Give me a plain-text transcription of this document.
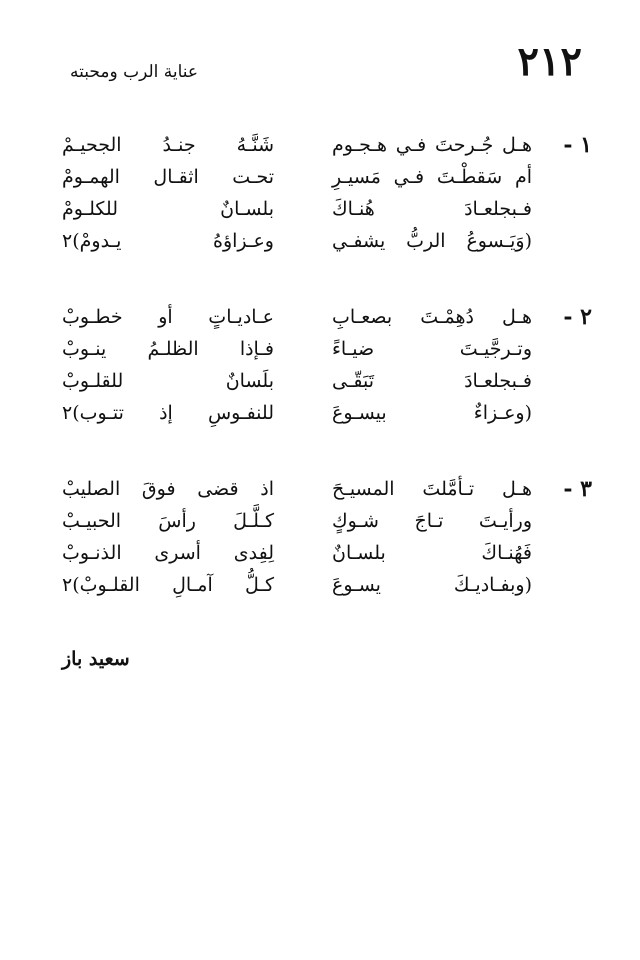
٢١٢
عناية الرب ومحبته
١ -
هـل جُـرحتَ فـي هـجـوم
شَنَّـهُ جنـدُ الجحيـمْ
أم سَقطْـتَ فـي مَسيـرِ
تحـت اثقـال الهمـومْ
فـبجلعـادَ هُنـاكَ
بلسـانٌ للكلـومْ
(وَيَـسوعُ الربُّ يشفـي
وعـزاؤهُ يـدومْ)٢
٢ -
هـل دُهِمْـتَ بصعـابِ
عـاديـاتٍ أو خطـوبْ
وتـرجَّيـتَ ضيـاءً
فـإذا الظلـمُ ينـوبْ
فـبجلعـادَ تَبَقّـى
بلَسانٌ للقلـوبْ
(وعـزاءٌ بيسـوعَ
للنفـوسِ إذ تتـوب)٢
٣ -
هـل تـأمَّلتَ المسيـحَ
اذ قضى فوقَ الصليبْ
ورأيـتَ تـاجَ شـوكٍ
كـلَّـلَ رأسَ الحبيـبْ
فَهُنـاكَ بلسـانٌ
لِفِدى أسرى الذنـوبْ
(وبفـاديـكَ يسـوعَ
كـلُّ آمـالِ القلـوبْ)٢
سعيد باز
